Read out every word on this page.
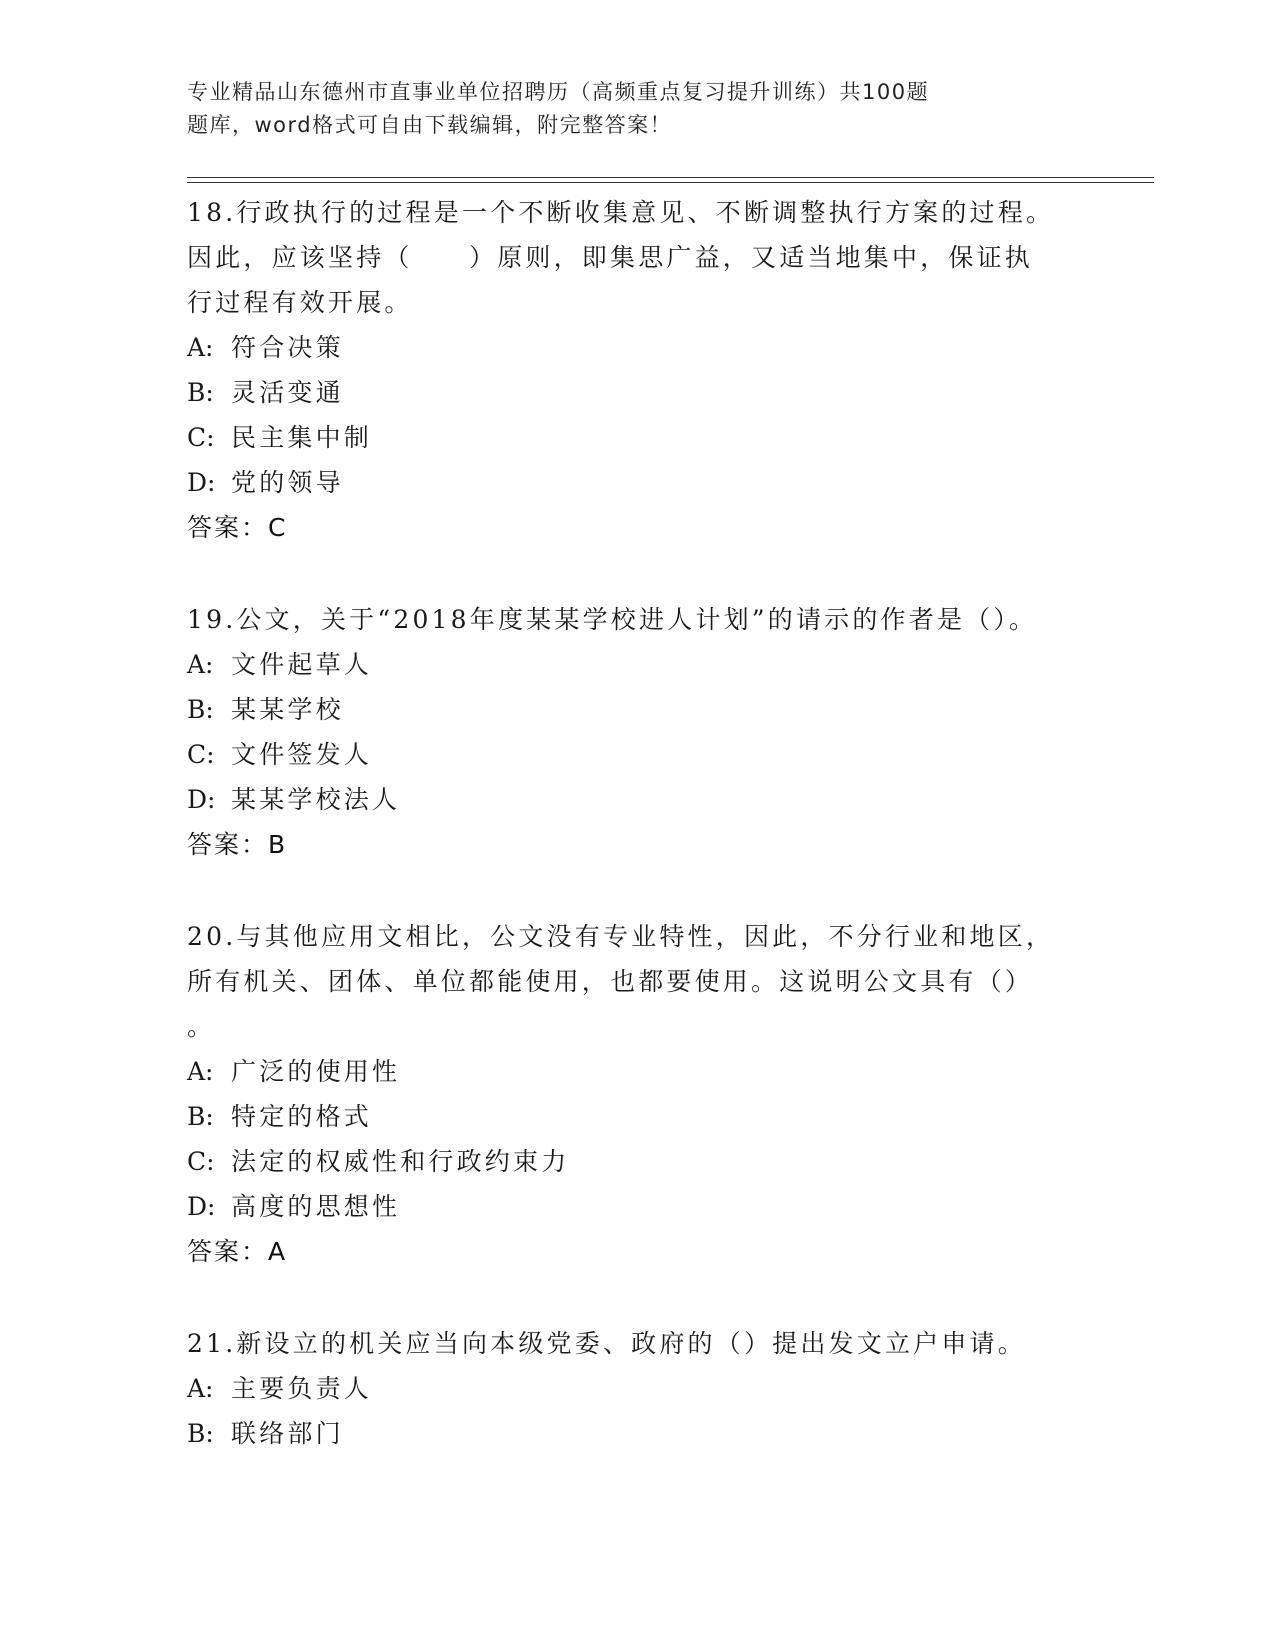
专业精品山东德州市直事业单位招聘历（高频重点复习提升训练）共100题
题库，word格式可自由下载编辑，附完整答案！
18.行政执行的过程是一个不断收集意见、不断调整执行方案的过程。
因此，应该坚持（　　）原则，即集思广益，又适当地集中，保证执
行过程有效开展。
A: 符合决策
B: 灵活变通
C: 民主集中制
D: 党的领导
答案：C
19.公文，关于“2018年度某某学校进人计划”的请示的作者是（）。
A: 文件起草人
B: 某某学校
C: 文件签发人
D: 某某学校法人
答案：B
20.与其他应用文相比，公文没有专业特性，因此，不分行业和地区，
所有机关、团体、单位都能使用，也都要使用。这说明公文具有（）
。
A: 广泛的使用性
B: 特定的格式
C: 法定的权威性和行政约束力
D: 高度的思想性
答案：A
21.新设立的机关应当向本级党委、政府的（）提出发文立户申请。
A: 主要负责人
B: 联络部门
